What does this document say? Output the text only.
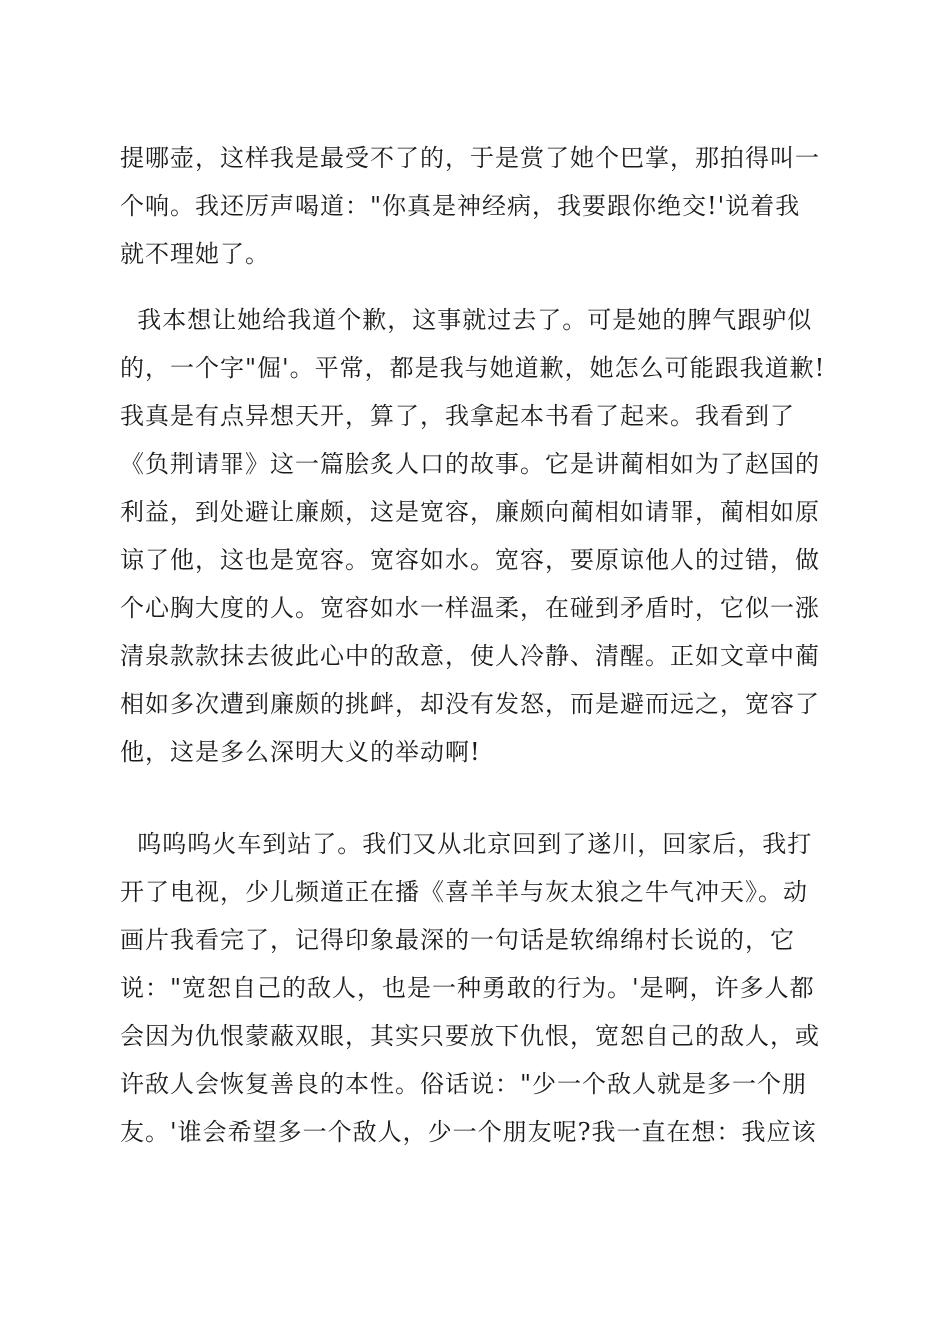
提哪壶，这样我是最受不了的，于是赏了她个巴掌，那拍得叫一
个响。我还厉声喝道："你真是神经病，我要跟你绝交!'说着我
就不理她了。
我本想让她给我道个歉，这事就过去了。可是她的脾气跟驴似
的，一个字"倔'。平常，都是我与她道歉，她怎么可能跟我道歉!
我真是有点异想天开，算了，我拿起本书看了起来。我看到了
《负荆请罪》这一篇脍炙人口的故事。它是讲蔺相如为了赵国的
利益，到处避让廉颇，这是宽容，廉颇向蔺相如请罪，蔺相如原
谅了他，这也是宽容。宽容如水。宽容，要原谅他人的过错，做
个心胸大度的人。宽容如水一样温柔，在碰到矛盾时，它似一涨
清泉款款抹去彼此心中的敌意，使人冷静、清醒。正如文章中蔺
相如多次遭到廉颇的挑衅，却没有发怒，而是避而远之，宽容了
他，这是多么深明大义的举动啊!
呜呜呜火车到站了。我们又从北京回到了遂川，回家后，我打
开了电视，少儿频道正在播《喜羊羊与灰太狼之牛气冲天》。动
画片我看完了，记得印象最深的一句话是软绵绵村长说的，它
说："宽恕自己的敌人，也是一种勇敢的行为。'是啊，许多人都
会因为仇恨蒙蔽双眼，其实只要放下仇恨，宽恕自己的敌人，或
许敌人会恢复善良的本性。俗话说："少一个敌人就是多一个朋
友。'谁会希望多一个敌人，少一个朋友呢?我一直在想：我应该
